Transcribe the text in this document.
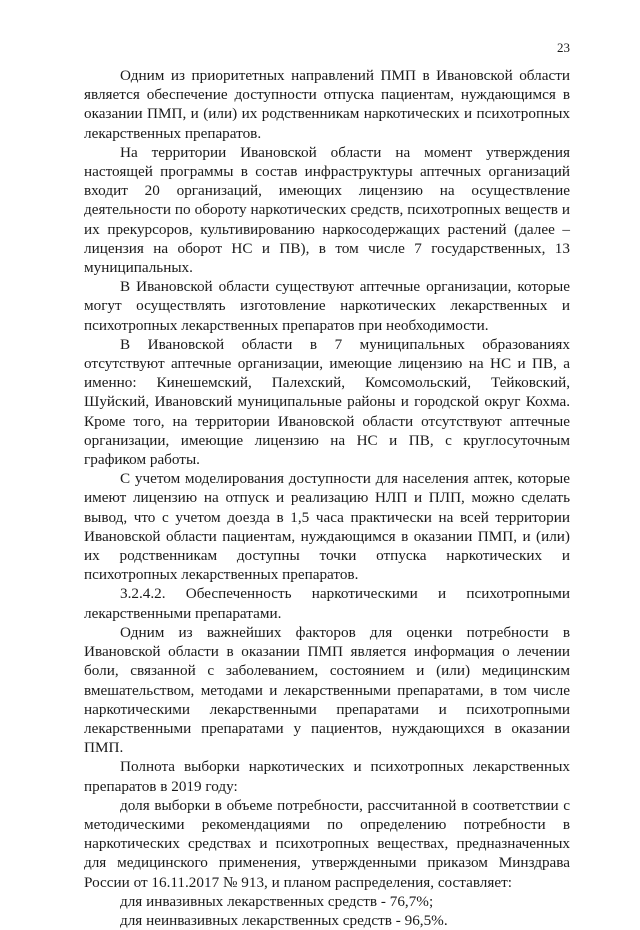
23

Одним из приоритетных направлений ПМП в Ивановской области является обеспечение доступности отпуска пациентам, нуждающимся в оказании ПМП, и (или) их родственникам наркотических и психотропных лекарственных препаратов.

На территории Ивановской области на момент утверждения настоящей программы в состав инфраструктуры аптечных организаций входит 20 организаций, имеющих лицензию на осуществление деятельности по обороту наркотических средств, психотропных веществ и их прекурсоров, культивированию наркосодержащих растений (далее – лицензия на оборот НС и ПВ), в том числе 7 государственных, 13 муниципальных.

В Ивановской области существуют аптечные организации, которые могут осуществлять изготовление наркотических лекарственных и психотропных лекарственных препаратов при необходимости.

В Ивановской области в 7 муниципальных образованиях отсутствуют аптечные организации, имеющие лицензию на НС и ПВ, а именно: Кинешемский, Палехский, Комсомольский, Тейковский, Шуйский, Ивановский муниципальные районы и городской округ Кохма. Кроме того, на территории Ивановской области отсутствуют аптечные организации, имеющие лицензию на НС и ПВ, с круглосуточным графиком работы.

С учетом моделирования доступности для населения аптек, которые имеют лицензию на отпуск и реализацию НЛП и ПЛП, можно сделать вывод, что с учетом доезда в 1,5 часа практически на всей территории Ивановской области пациентам, нуждающимся в оказании ПМП, и (или) их родственникам доступны точки отпуска наркотических и психотропных лекарственных препаратов.

3.2.4.2. Обеспеченность наркотическими и психотропными лекарственными препаратами.

Одним из важнейших факторов для оценки потребности в Ивановской области в оказании ПМП является информация о лечении боли, связанной с заболеванием, состоянием и (или) медицинским вмешательством, методами и лекарственными препаратами, в том числе наркотическими лекарственными препаратами и психотропными лекарственными препаратами у пациентов, нуждающихся в оказании ПМП.

Полнота выборки наркотических и психотропных лекарственных препаратов в 2019 году:

доля выборки в объеме потребности, рассчитанной в соответствии с методическими рекомендациями по определению потребности в наркотических средствах и психотропных веществах, предназначенных для медицинского применения, утвержденными приказом Минздрава России от 16.11.2017 № 913, и планом распределения, составляет:

для инвазивных лекарственных средств - 76,7%;

для неинвазивных лекарственных средств - 96,5%.
